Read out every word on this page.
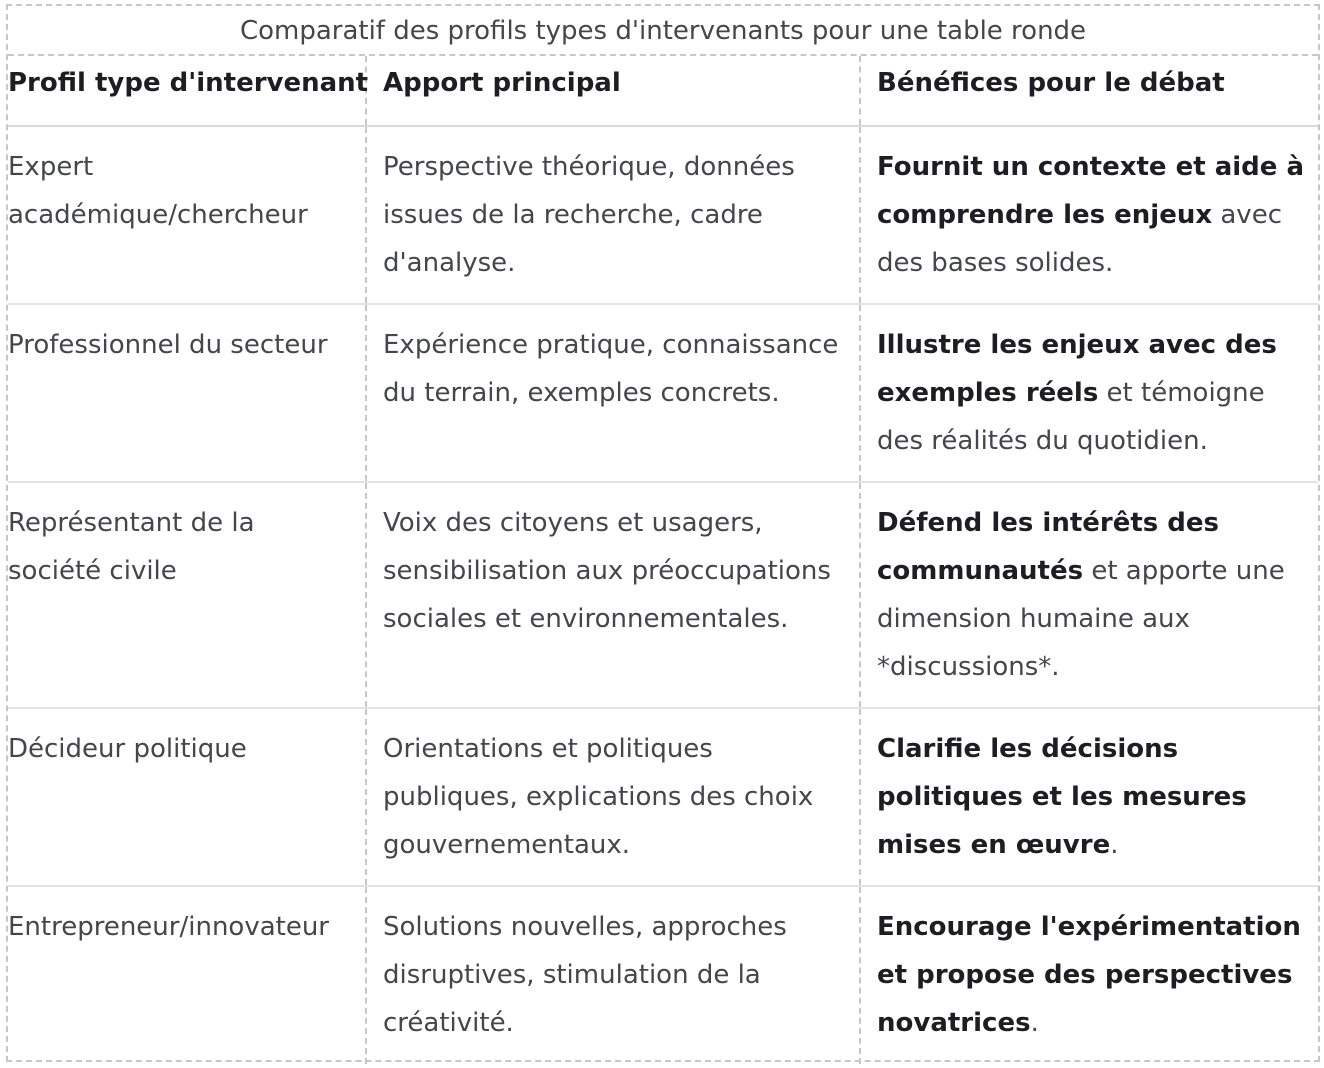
Comparatif des profils types d'intervenants pour une table ronde
Profil type d'intervenant	Apport principal	Bénéfices pour le débat
Expert académique/chercheur	Perspective théorique, données issues de la recherche, cadre d'analyse.	Fournit un contexte et aide à comprendre les enjeux avec des bases solides.
Professionnel du secteur	Expérience pratique, connaissance du terrain, exemples concrets.	Illustre les enjeux avec des exemples réels et témoigne des réalités du quotidien.
Représentant de la société civile	Voix des citoyens et usagers, sensibilisation aux préoccupations sociales et environnementales.	Défend les intérêts des communautés et apporte une dimension humaine aux *discussions*.
Décideur politique	Orientations et politiques publiques, explications des choix gouvernementaux.	Clarifie les décisions politiques et les mesures mises en œuvre.
Entrepreneur/innovateur	Solutions nouvelles, approches disruptives, stimulation de la créativité.	Encourage l'expérimentation et propose des perspectives novatrices.
